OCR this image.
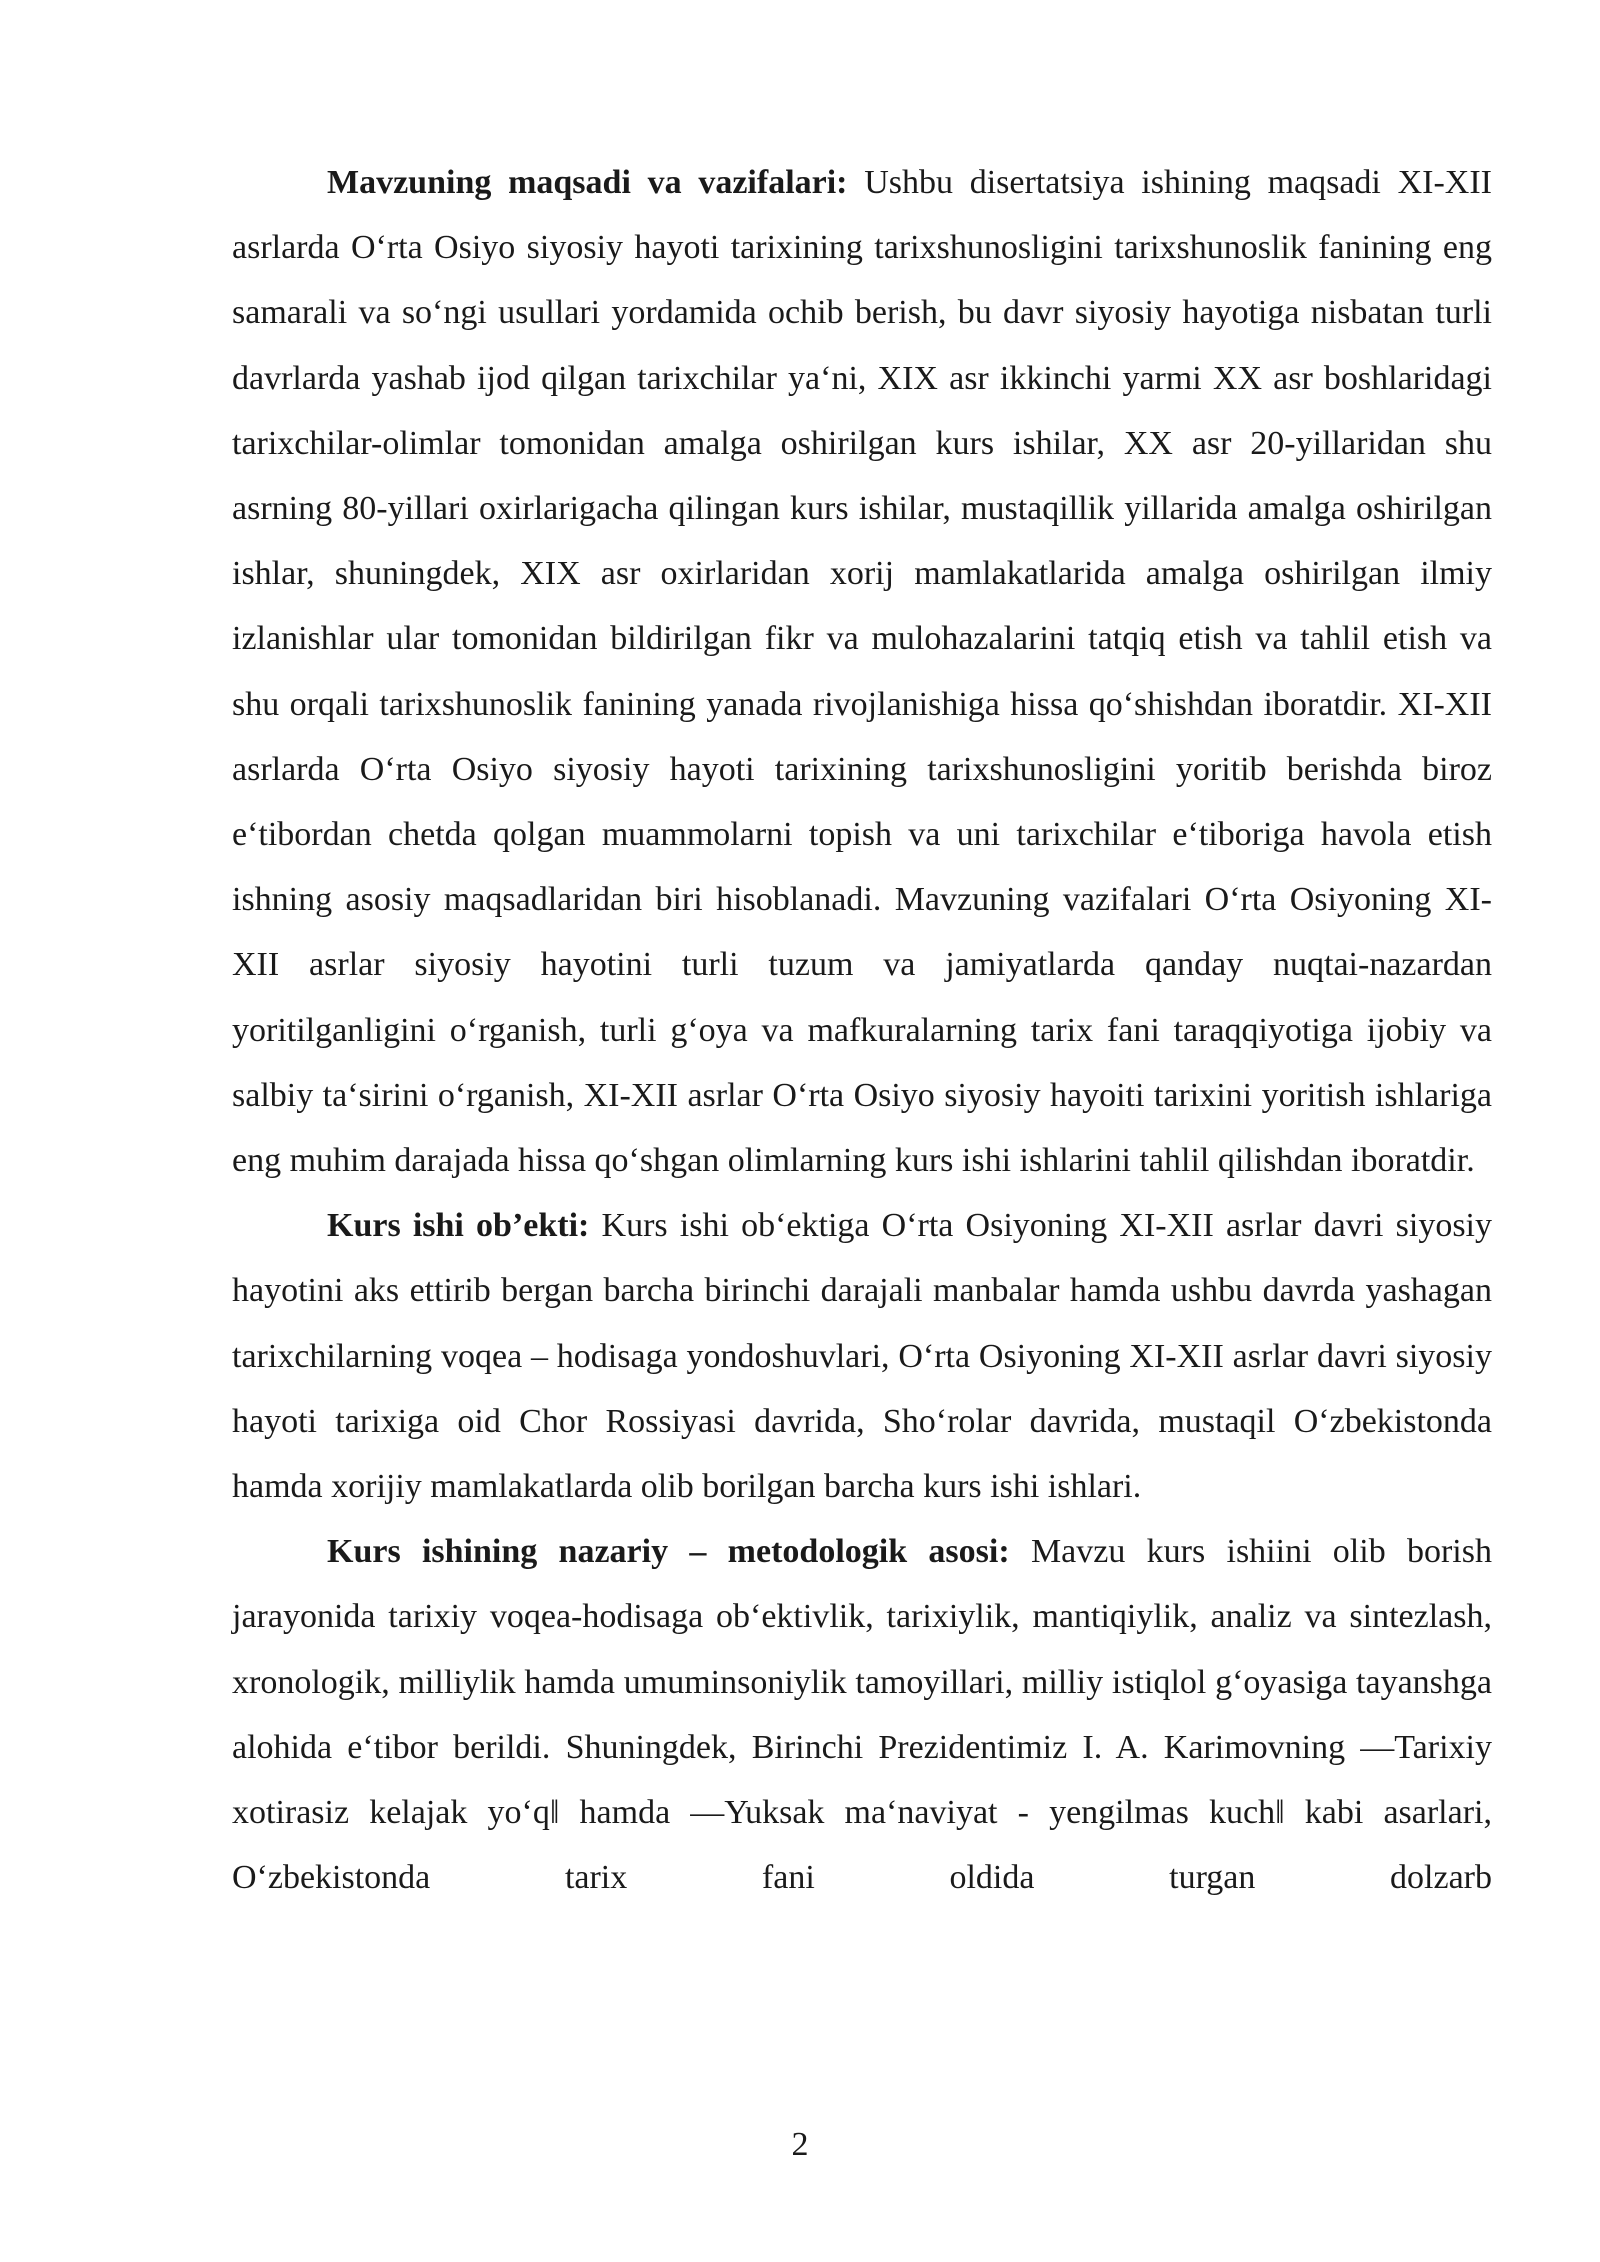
Mavzuning maqsadi va vazifalari: Ushbu disertatsiya ishining maqsadi XI-XII asrlarda O‘rta Osiyo siyosiy hayoti tarixining tarixshunosligini tarixshunoslik fanining eng samarali va so‘ngi usullari yordamida ochib berish, bu davr siyosiy hayotiga nisbatan turli davrlarda yashab ijod qilgan tarixchilar ya‘ni, XIX asr ikkinchi yarmi XX asr boshlaridagi tarixchilar-olimlar tomonidan amalga oshirilgan kurs ishilar, XX asr 20-yillaridan shu asrning 80-yillari oxirlarigacha qilingan kurs ishilar, mustaqillik yillarida amalga oshirilgan ishlar, shuningdek, XIX asr oxirlaridan xorij mamlakatlarida amalga oshirilgan ilmiy izlanishlar ular tomonidan bildirilgan fikr va mulohazalarini tatqiq etish va tahlil etish va shu orqali tarixshunoslik fanining yanada rivojlanishiga hissa qo‘shishdan iboratdir. XI-XII asrlarda O‘rta Osiyo siyosiy hayoti tarixining tarixshunosligini yoritib berishda biroz e‘tibordan chetda qolgan muammolarni topish va uni tarixchilar e‘tiboriga havola etish ishning asosiy maqsadlaridan biri hisoblanadi. Mavzuning vazifalari O‘rta Osiyoning XI-XII asrlar siyosiy hayotini turli tuzum va jamiyatlarda qanday nuqtai-nazardan yoritilganligini o‘rganish, turli g‘oya va mafkuralarning tarix fani taraqqiyotiga ijobiy va salbiy ta‘sirini o‘rganish, XI-XII asrlar O‘rta Osiyo siyosiy hayoiti tarixini yoritish ishlariga eng muhim darajada hissa qo‘shgan olimlarning kurs ishi ishlarini tahlil qilishdan iboratdir.

Kurs ishi ob’ekti: Kurs ishi ob‘ektiga O‘rta Osiyoning XI-XII asrlar davri siyosiy hayotini aks ettirib bergan barcha birinchi darajali manbalar hamda ushbu davrda yashagan tarixchilarning voqea – hodisaga yondoshuvlari, O‘rta Osiyoning XI-XII asrlar davri siyosiy hayoti tarixiga oid Chor Rossiyasi davrida, Sho‘rolar davrida, mustaqil O‘zbekistonda hamda xorijiy mamlakatlarda olib borilgan barcha kurs ishi ishlari.

Kurs ishining nazariy – metodologik asosi: Mavzu kurs ishiini olib borish jarayonida tarixiy voqea-hodisaga ob‘ektivlik, tarixiylik, mantiqiylik, analiz va sintezlash, xronologik, milliylik hamda umuminsoniylik tamoyillari, milliy istiqlol g‘oyasiga tayanshga alohida e‘tibor berildi. Shuningdek, Birinchi Prezidentimiz I. A. Karimovning ―Tarixiy xotirasiz kelajak yo‘q‖ hamda ―Yuksak ma‘naviyat - yengilmas kuch‖ kabi asarlari, O‘zbekistonda tarix fani oldida turgan dolzarb

2
